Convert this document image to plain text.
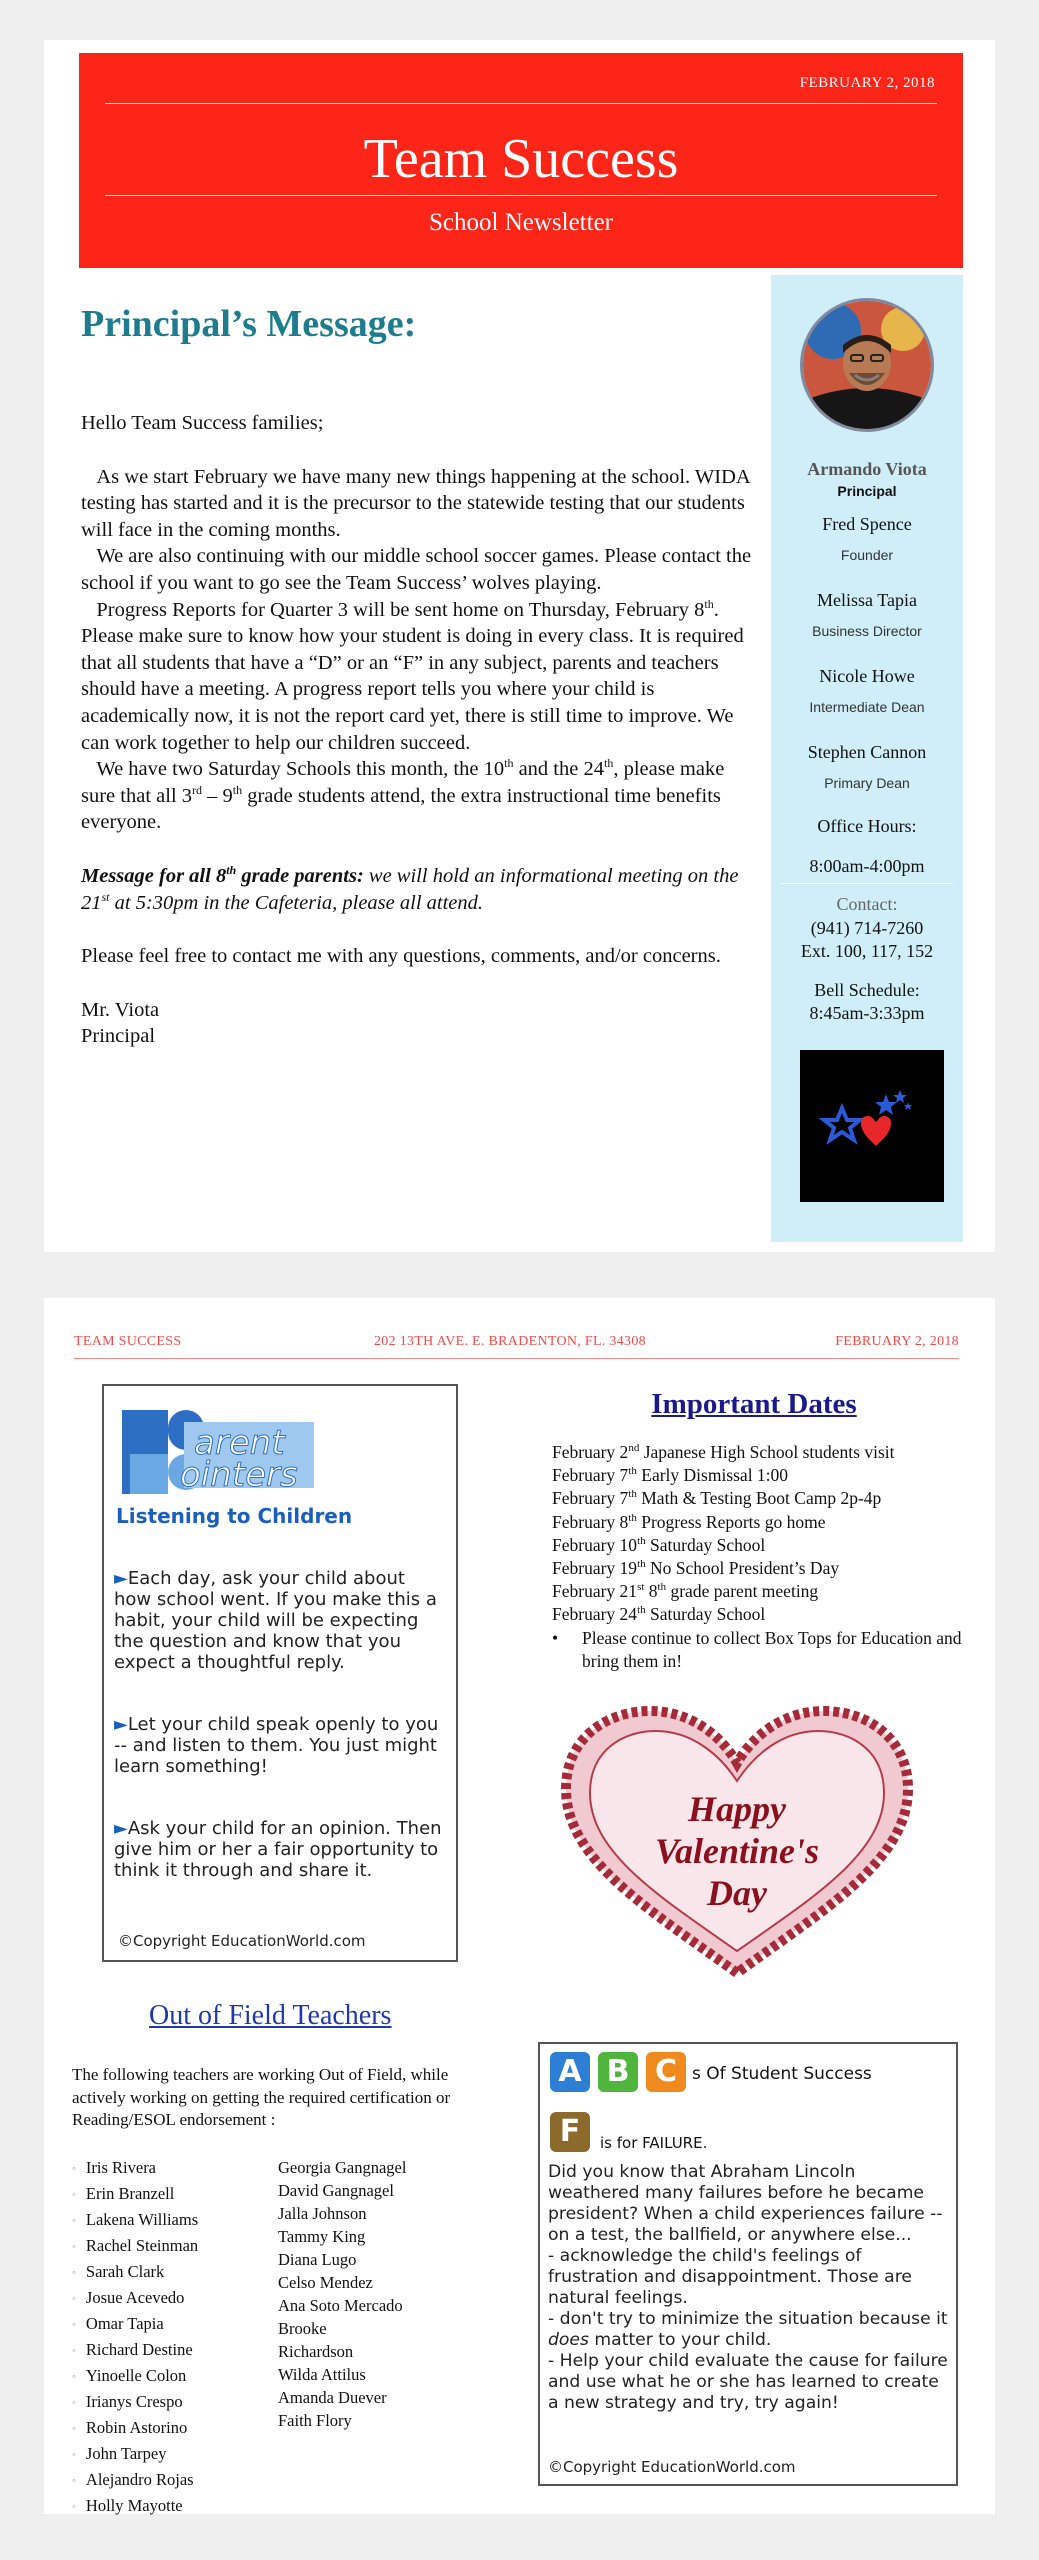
FEBRUARY 2, 2018
Team Success
School Newsletter
Principal’s Message:

Hello Team Success families;

As we start February we have many new things happening at the school. WIDA testing has started and it is the precursor to the statewide testing that our students will face in the coming months.

We are also continuing with our middle school soccer games. Please contact the school if you want to go see the Team Success’ wolves playing.

Progress Reports for Quarter 3 will be sent home on Thursday, February 8th. Please make sure to know how your student is doing in every class. It is required that all students that have a “D” or an “F” in any subject, parents and teachers should have a meeting. A progress report tells you where your child is academically now, it is not the report card yet, there is still time to improve. We can work together to help our children succeed.

We have two Saturday Schools this month, the 10th and the 24th, please make sure that all 3rd – 9th grade students attend, the extra instructional time benefits everyone.

Message for all 8th grade parents: we will hold an informational meeting on the 21st at 5:30pm in the Cafeteria, please all attend.

Please feel free to contact me with any questions, comments, and/or concerns.

Mr. Viota

Principal

Armando Viota
Principal
Fred Spence
Founder
Melissa Tapia
Business Director
Nicole Howe
Intermediate Dean
Stephen Cannon
Primary Dean
Office Hours:
8:00am-4:00pm
Contact:
(941) 714-7260
Ext. 100, 117, 152
Bell Schedule:
8:45am-3:33pm
TEAM SUCCESS	202 13TH AVE. E. BRADENTON, FL. 34308	FEBRUARY 2, 2018
arent
ointers
Listening to Children
►Each day, ask your child about how school went. If you make this a habit, your child will be expecting the question and know that you expect a thoughtful reply.
►Let your child speak openly to you -- and listen to them. You just might learn something!
►Ask your child for an opinion. Then give him or her a fair opportunity to think it through and share it.
©Copyright EducationWorld.com
Important Dates
February 2nd Japanese High School students visit
February 7th Early Dismissal 1:00
February 7th Math & Testing Boot Camp 2p-4p
February 8th Progress Reports go home
February 10th Saturday School
February 19th No School President’s Day
February 21st 8th grade parent meeting
February 24th Saturday School
•	Please continue to collect Box Tops for Education and bring them in!
Happy
Valentine's
Day
Out of Field Teachers
The following teachers are working Out of Field, while actively working on getting the required certification or Reading/ESOL endorsement :
◦ Iris Rivera
◦ Erin Branzell
◦ Lakena Williams
◦ Rachel Steinman
◦ Sarah Clark
◦ Josue Acevedo
◦ Omar Tapia
◦ Richard Destine
◦ Yinoelle Colon
◦ Irianys Crespo
◦ Robin Astorino
◦ John Tarpey
◦ Alejandro Rojas
◦ Holly Mayotte
Georgia Gangnagel
David Gangnagel
Jalla Johnson
Tammy King
Diana Lugo
Celso Mendez
Ana Soto Mercado
Brooke
Richardson
Wilda Attilus
Amanda Duever
Faith Flory
A B C s Of Student Success
F	is for FAILURE.
Did you know that Abraham Lincoln weathered many failures before he became president? When a child experiences failure -- on a test, the ballfield, or anywhere else...
- acknowledge the child's feelings of frustration and disappointment. Those are natural feelings.
- don't try to minimize the situation because it does matter to your child.
- Help your child evaluate the cause for failure and use what he or she has learned to create a new strategy and try, try again!
©Copyright EducationWorld.com
